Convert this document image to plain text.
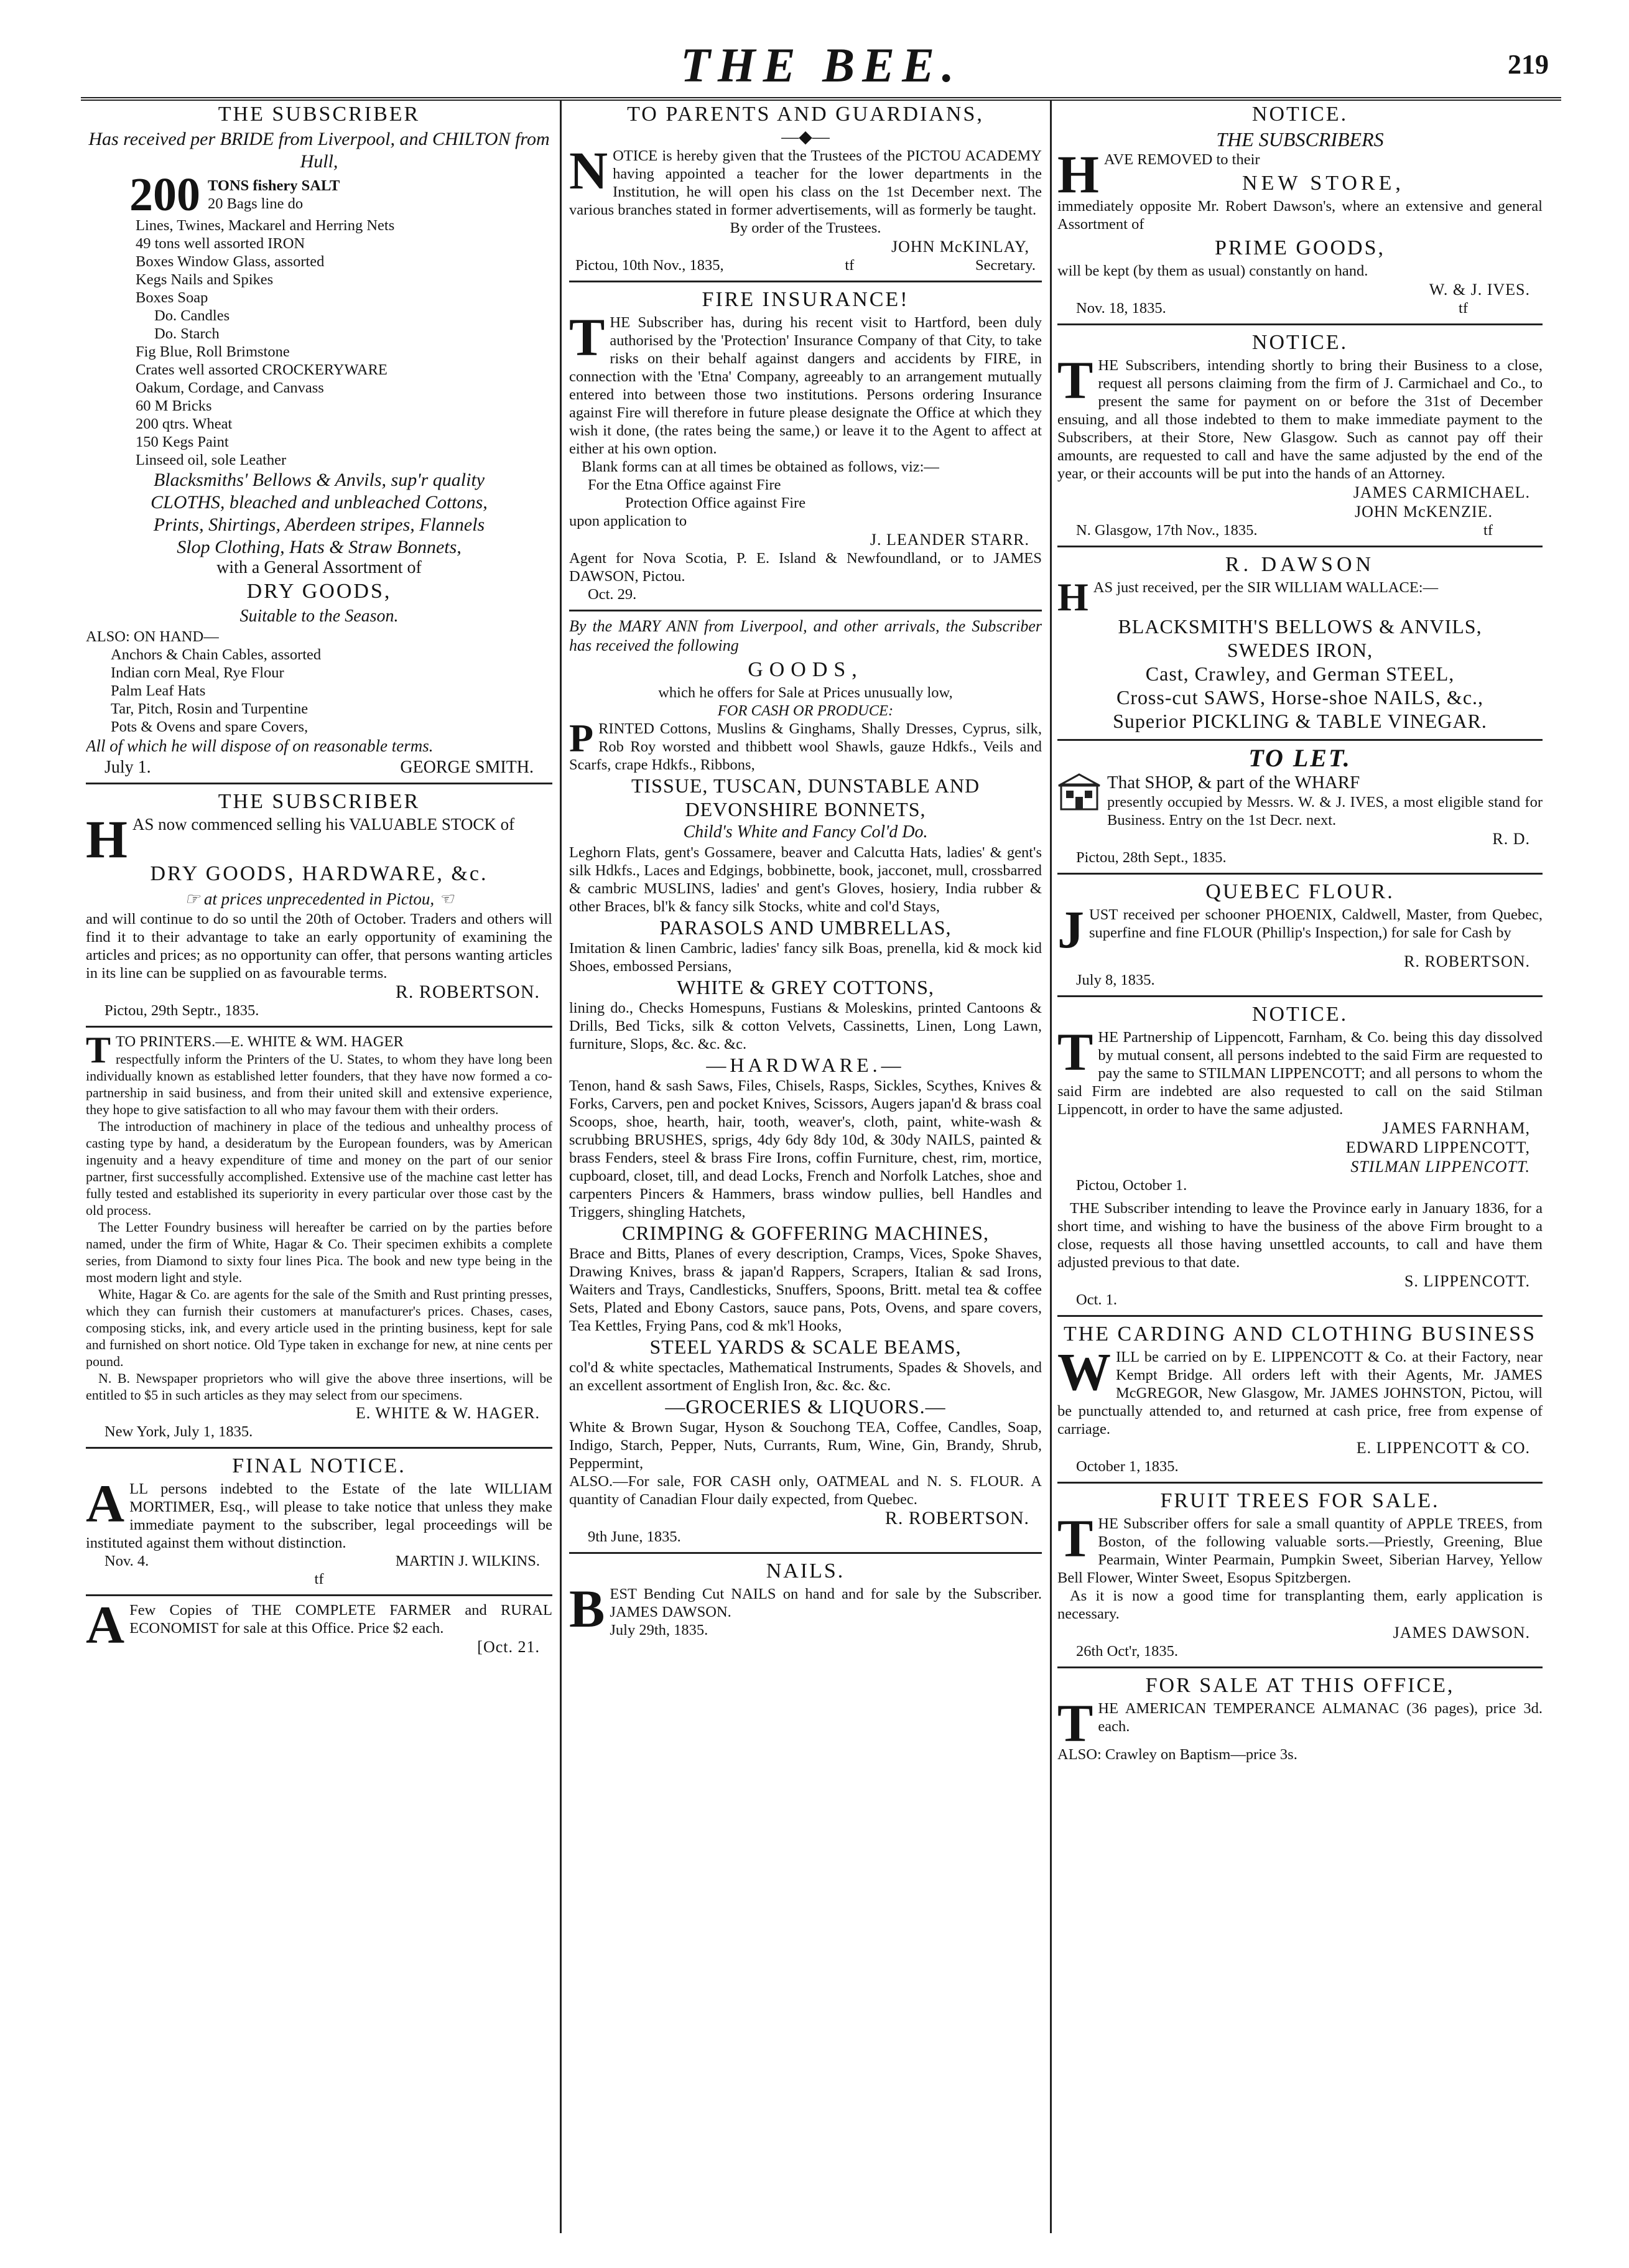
THE BEE.	219
THE SUBSCRIBER
Has received per BRIDE from Liverpool, and CHILTON from Hull,
200 TONS fishery SALT
20 Bags line do
Lines, Twines, Mackarel and Herring Nets
49 tons well assorted IRON
Boxes Window Glass, assorted
Kegs Nails and Spikes
Boxes Soap
Do. Candles
Do. Starch
Fig Blue, Roll Brimstone
Crates well assorted CROCKERYWARE
Oakum, Cordage, and Canvass
60 M Bricks
200 qtrs. Wheat
150 Kegs Paint
Linseed oil, sole Leather
Blacksmiths' Bellows & Anvils, sup'r quality
CLOTHS, bleached and unbleached Cottons,
Prints, Shirtings, Aberdeen stripes, Flannels
Slop Clothing, Hats & Straw Bonnets,
with a General Assortment of
DRY GOODS,
Suitable to the Season.
ALSO: ON HAND—
Anchors & Chain Cables, assorted
Indian corn Meal, Rye Flour
Palm Leaf Hats
Tar, Pitch, Rosin and Turpentine
Pots & Ovens and spare Covers,

All of which he will dispose of on reasonable terms.

July 1.	GEORGE SMITH.
THE SUBSCRIBER
H AS now commenced selling his VALUABLE STOCK of

DRY GOODS, HARDWARE, &c.
☞ at prices unprecedented in Pictou, ☜

and will continue to do so until the 20th of October. Traders and others will find it to their advantage to take an early opportunity of examining the articles and prices; as no opportunity can offer, that persons wanting articles in its line can be supplied on as favourable terms.

R. ROBERTSON.
Pictou, 29th Septr., 1835.
T TO PRINTERS.—E. WHITE & WM. HAGER

respectfully inform the Printers of the U. States, to whom they have long been individually known as established letter founders, that they have now formed a co-partnership in said business, and from their united skill and extensive experience, they hope to give satisfaction to all who may favour them with their orders.

The introduction of machinery in place of the tedious and unhealthy process of casting type by hand, a desideratum by the European founders, was by American ingenuity and a heavy expenditure of time and money on the part of our senior partner, first successfully accomplished. Extensive use of the machine cast letter has fully tested and established its superiority in every particular over those cast by the old process.

The Letter Foundry business will hereafter be carried on by the parties before named, under the firm of White, Hagar & Co. Their specimen exhibits a complete series, from Diamond to sixty four lines Pica. The book and new type being in the most modern light and style.

White, Hagar & Co. are agents for the sale of the Smith and Rust printing presses, which they can furnish their customers at manufacturer's prices. Chases, cases, composing sticks, ink, and every article used in the printing business, kept for sale and furnished on short notice. Old Type taken in exchange for new, at nine cents per pound.

N. B. Newspaper proprietors who will give the above three insertions, will be entitled to $5 in such articles as they may select from our specimens.

E. WHITE & W. HAGER.
New York, July 1, 1835.
FINAL NOTICE.
A LL persons indebted to the Estate of the late WILLIAM MORTIMER, Esq., will please to take notice that unless they make immediate payment to the subscriber, legal proceedings will be instituted against them without distinction.

Nov. 4.	MARTIN J. WILKINS.
tf
A Few Copies of THE COMPLETE FARMER and RURAL ECONOMIST for sale at this Office. Price $2 each.

[Oct. 21.
TO PARENTS AND GUARDIANS,
—◆—
N OTICE is hereby given that the Trustees of the PICTOU ACADEMY having appointed a teacher for the lower departments in the Institution, he will open his class on the 1st December next. The various branches stated in former advertisements, will as formerly be taught.

By order of the Trustees.
JOHN McKINLAY,
Pictou, 10th Nov., 1835,	tf	Secretary.
FIRE INSURANCE!
T HE Subscriber has, during his recent visit to Hartford, been duly authorised by the 'Protection' Insurance Company of that City, to take risks on their behalf against dangers and accidents by FIRE, in connection with the 'Etna' Company, agreeably to an arrangement mutually entered into between those two institutions. Persons ordering Insurance against Fire will therefore in future please designate the Office at which they wish it done, (the rates being the same,) or leave it to the Agent to affect at either at his own option.

Blank forms can at all times be obtained as follows, viz:—

For the Etna Office against Fire
Protection Office against Fire
upon application to
J. LEANDER STARR.

Agent for Nova Scotia, P. E. Island & Newfoundland, or to JAMES DAWSON, Pictou.

Oct. 29.

By the MARY ANN from Liverpool, and other arrivals, the Subscriber has received the following

GOODS,
which he offers for Sale at Prices unusually low,
FOR CASH OR PRODUCE:
P RINTED Cottons, Muslins & Ginghams, Shally Dresses, Cyprus, silk, Rob Roy worsted and thibbett wool Shawls, gauze Hdkfs., Veils and Scarfs, crape Hdkfs., Ribbons,

TISSUE, TUSCAN, DUNSTABLE AND DEVONSHIRE BONNETS,
Child's White and Fancy Col'd Do.

Leghorn Flats, gent's Gossamere, beaver and Calcutta Hats, ladies' & gent's silk Hdkfs., Laces and Edgings, bobbinette, book, jacconet, mull, crossbarred & cambric MUSLINS, ladies' and gent's Gloves, hosiery, India rubber & other Braces, bl'k & fancy silk Stocks, white and col'd Stays,

PARASOLS AND UMBRELLAS,

Imitation & linen Cambric, ladies' fancy silk Boas, prenella, kid & mock kid Shoes, embossed Persians,

WHITE & GREY COTTONS,

lining do., Checks Homespuns, Fustians & Moleskins, printed Cantoons & Drills, Bed Ticks, silk & cotton Velvets, Cassinetts, Linen, Long Lawn, furniture, Slops, &c. &c. &c.

—HARDWARE.—

Tenon, hand & sash Saws, Files, Chisels, Rasps, Sickles, Scythes, Knives & Forks, Carvers, pen and pocket Knives, Scissors, Augers japan'd & brass coal Scoops, shoe, hearth, hair, tooth, weaver's, cloth, paint, white-wash & scrubbing BRUSHES, sprigs, 4dy 6dy 8dy 10d, & 30dy NAILS, painted & brass Fenders, steel & brass Fire Irons, coffin Furniture, chest, rim, mortice, cupboard, closet, till, and dead Locks, French and Norfolk Latches, shoe and carpenters Pincers & Hammers, brass window pullies, bell Handles and Triggers, shingling Hatchets,

CRIMPING & GOFFERING MACHINES,

Brace and Bitts, Planes of every description, Cramps, Vices, Spoke Shaves, Drawing Knives, brass & japan'd Rappers, Scrapers, Italian & sad Irons, Waiters and Trays, Candlesticks, Snuffers, Spoons, Britt. metal tea & coffee Sets, Plated and Ebony Castors, sauce pans, Pots, Ovens, and spare covers, Tea Kettles, Frying Pans, cod & mk'l Hooks,

STEEL YARDS & SCALE BEAMS,

col'd & white spectacles, Mathematical Instruments, Spades & Shovels, and an excellent assortment of English Iron, &c. &c. &c.

—GROCERIES & LIQUORS.—

White & Brown Sugar, Hyson & Souchong TEA, Coffee, Candles, Soap, Indigo, Starch, Pepper, Nuts, Currants, Rum, Wine, Gin, Brandy, Shrub, Peppermint,

ALSO.—For sale, FOR CASH only, OATMEAL and N. S. FLOUR. A quantity of Canadian Flour daily expected, from Quebec.

R. ROBERTSON.
9th June, 1835.
NAILS.
B EST Bending Cut NAILS on hand and for sale by the Subscriber. JAMES DAWSON.

July 29th, 1835.
NOTICE.
THE SUBSCRIBERS
H AVE REMOVED to their
NEW STORE,

immediately opposite Mr. Robert Dawson's, where an extensive and general Assortment of

PRIME GOODS,

will be kept (by them as usual) constantly on hand.

W. & J. IVES.
Nov. 18, 1835.	tf
NOTICE.
T HE Subscribers, intending shortly to bring their Business to a close, request all persons claiming from the firm of J. Carmichael and Co., to present the same for payment on or before the 31st of December ensuing, and all those indebted to them to make immediate payment to the Subscribers, at their Store, New Glasgow. Such as cannot pay off their amounts, are requested to call and have the same adjusted by the end of the year, or their accounts will be put into the hands of an Attorney.

JAMES CARMICHAEL.
JOHN McKENZIE.
N. Glasgow, 17th Nov., 1835.	tf
R. DAWSON
H AS just received, per the SIR WILLIAM WALLACE:—

BLACKSMITH'S BELLOWS & ANVILS,
SWEDES IRON,
Cast, Crawley, and German STEEL,
Cross-cut SAWS, Horse-shoe NAILS, &c.,
Superior PICKLING & TABLE VINEGAR.
TO LET.
That SHOP, & part of the WHARF

presently occupied by Messrs. W. & J. IVES, a most eligible stand for Business. Entry on the 1st Decr. next.

R. D.
Pictou, 28th Sept., 1835.
QUEBEC FLOUR.
J UST received per schooner PHOENIX, Caldwell, Master, from Quebec, superfine and fine FLOUR (Phillip's Inspection,) for sale for Cash by

R. ROBERTSON.
July 8, 1835.
NOTICE.
T HE Partnership of Lippencott, Farnham, & Co. being this day dissolved by mutual consent, all persons indebted to the said Firm are requested to pay the same to STILMAN LIPPENCOTT; and all persons to whom the said Firm are indebted are also requested to call on the said Stilman Lippencott, in order to have the same adjusted.

JAMES FARNHAM,
EDWARD LIPPENCOTT,
STILMAN LIPPENCOTT.
Pictou, October 1.

THE Subscriber intending to leave the Province early in January 1836, for a short time, and wishing to have the business of the above Firm brought to a close, requests all those having unsettled accounts, to call and have them adjusted previous to that date.

S. LIPPENCOTT.
Oct. 1.
THE CARDING AND CLOTHING BUSINESS
W ILL be carried on by E. LIPPENCOTT & Co. at their Factory, near Kempt Bridge. All orders left with their Agents, Mr. JAMES McGREGOR, New Glasgow, Mr. JAMES JOHNSTON, Pictou, will be punctually attended to, and returned at cash price, free from expense of carriage.

E. LIPPENCOTT & CO.
October 1, 1835.
FRUIT TREES FOR SALE.
T HE Subscriber offers for sale a small quantity of APPLE TREES, from Boston, of the following valuable sorts.—Priestly, Greening, Blue Pearmain, Winter Pearmain, Pumpkin Sweet, Siberian Harvey, Yellow Bell Flower, Winter Sweet, Esopus Spitzbergen.

As it is now a good time for transplanting them, early application is necessary.

JAMES DAWSON.
26th Oct'r, 1835.
FOR SALE AT THIS OFFICE,
T HE AMERICAN TEMPERANCE ALMANAC (36 pages), price 3d. each.

ALSO: Crawley on Baptism—price 3s.
